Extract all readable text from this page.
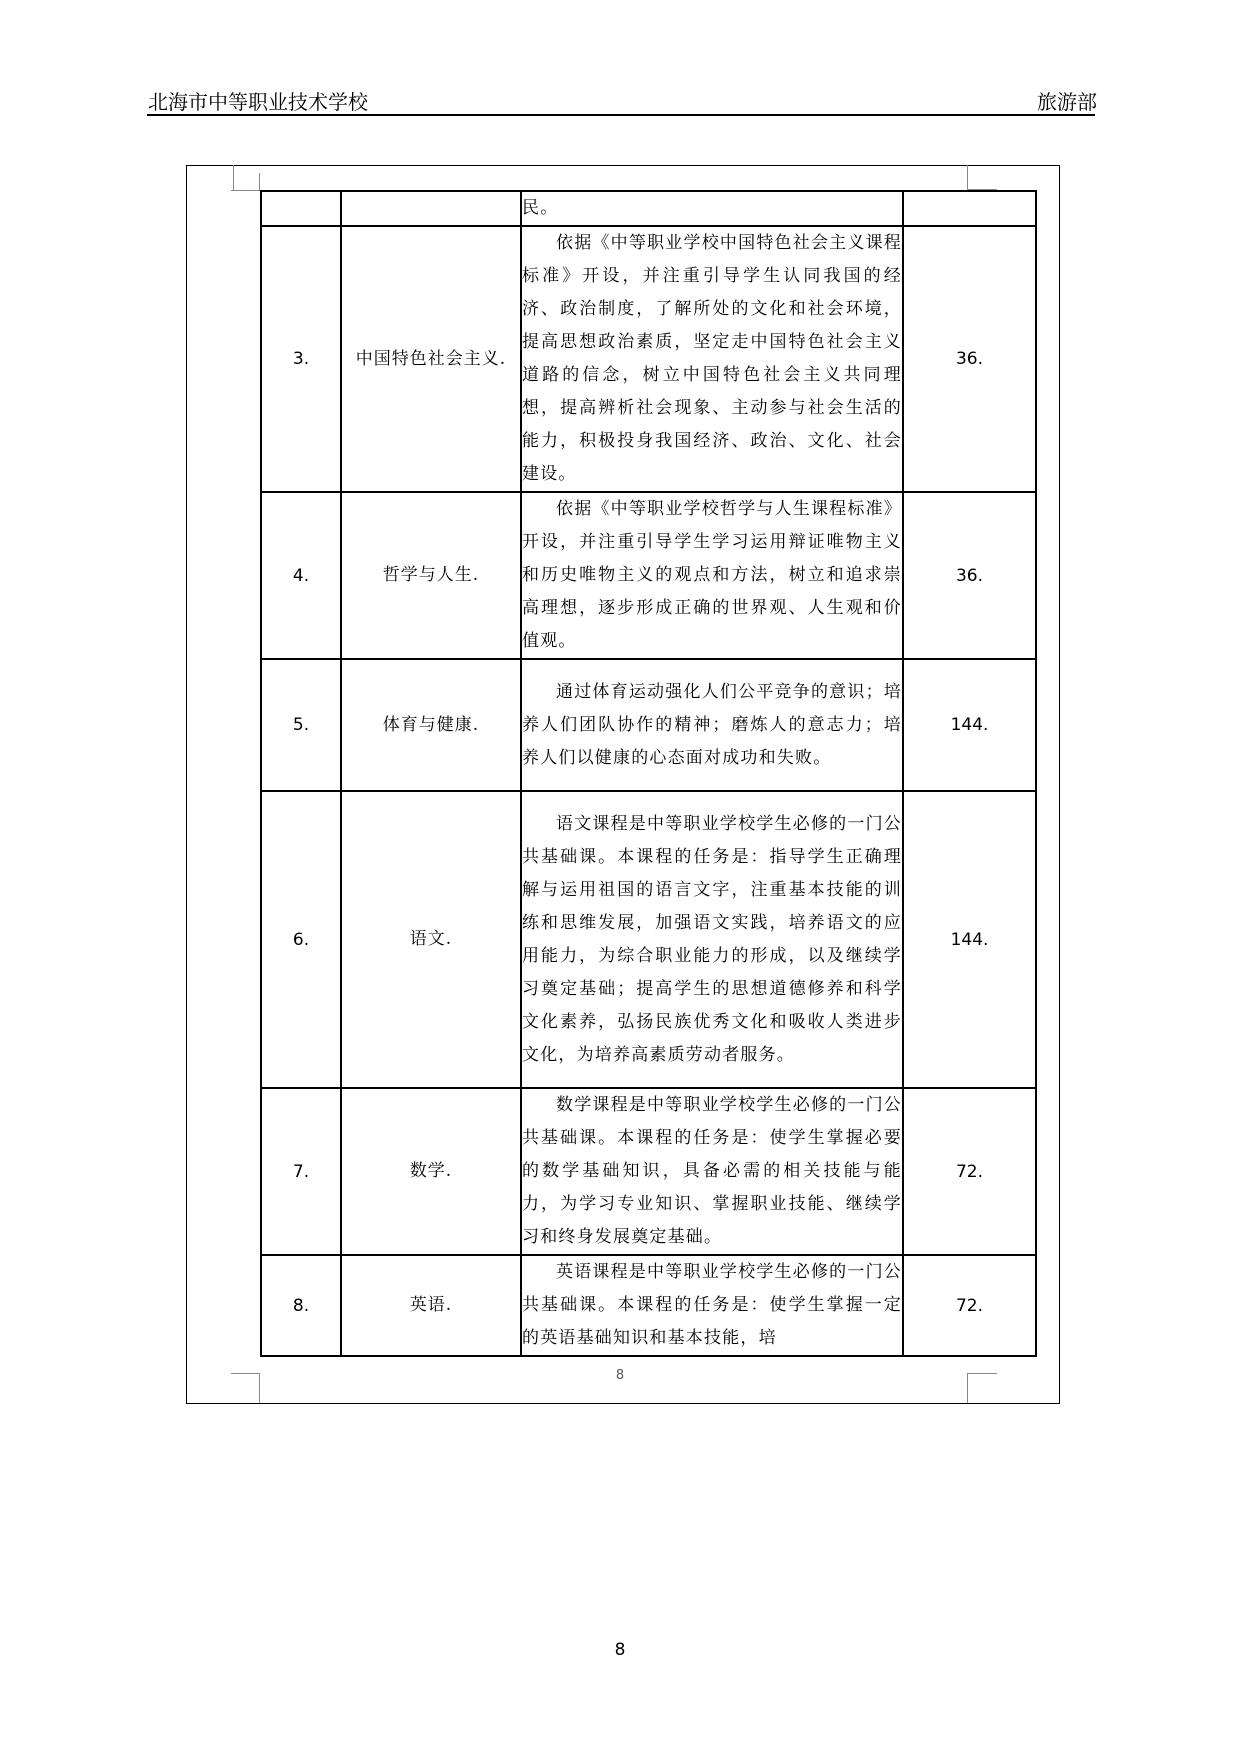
北海市中等职业技术学校	旅游部
		民。	
3.	中国特色社会主义.	依据《中等职业学校中国特色社会主义课程标准》开设，并注重引导学生认同我国的经济、政治制度，了解所处的文化和社会环境，提高思想政治素质，坚定走中国特色社会主义道路的信念，树立中国特色社会主义共同理想，提高辨析社会现象、主动参与社会生活的能力，积极投身我国经济、政治、文化、社会建设。	36.
4.	哲学与人生.	依据《中等职业学校哲学与人生课程标准》开设，并注重引导学生学习运用辩证唯物主义和历史唯物主义的观点和方法，树立和追求崇高理想，逐步形成正确的世界观、人生观和价值观。	36.
5.	体育与健康.	通过体育运动强化人们公平竞争的意识；培养人们团队协作的精神；磨炼人的意志力；培养人们以健康的心态面对成功和失败。	144.
6.	语文.	语文课程是中等职业学校学生必修的一门公共基础课。本课程的任务是：指导学生正确理解与运用祖国的语言文字，注重基本技能的训练和思维发展，加强语文实践，培养语文的应用能力，为综合职业能力的形成，以及继续学习奠定基础；提高学生的思想道德修养和科学文化素养，弘扬民族优秀文化和吸收人类进步文化，为培养高素质劳动者服务。	144.
7.	数学.	数学课程是中等职业学校学生必修的一门公共基础课。本课程的任务是：使学生掌握必要的数学基础知识，具备必需的相关技能与能力，为学习专业知识、掌握职业技能、继续学习和终身发展奠定基础。	72.
8.	英语.	英语课程是中等职业学校学生必修的一门公共基础课。本课程的任务是：使学生掌握一定的英语基础知识和基本技能，培	72.
8
8
